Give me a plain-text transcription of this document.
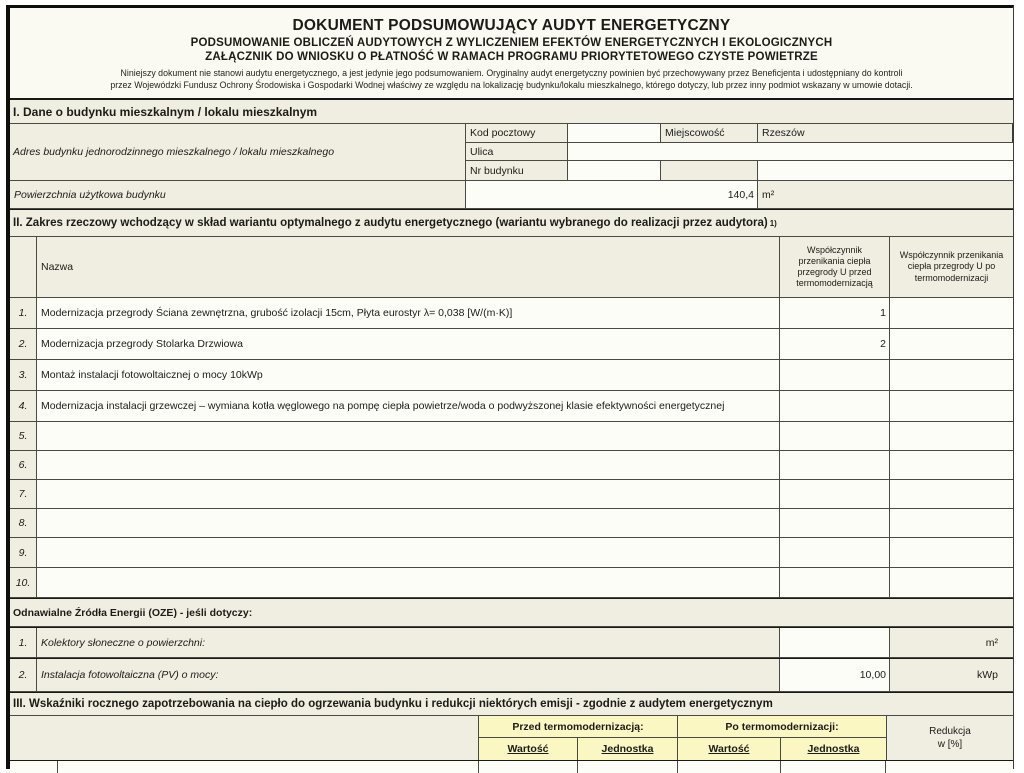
DOKUMENT PODSUMOWUJĄCY AUDYT ENERGETYCZNY
PODSUMOWANIE OBLICZEŃ AUDYTOWYCH Z WYLICZENIEM EFEKTÓW ENERGETYCZNYCH I EKOLOGICZNYCH
ZAŁĄCZNIK DO WNIOSKU O PŁATNOŚĆ W RAMACH PROGRAMU PRIORYTETOWEGO CZYSTE POWIETRZE
Niniejszy dokument nie stanowi audytu energetycznego, a jest jedynie jego podsumowaniem. Oryginalny audyt energetyczny powinien być przechowywany przez Beneficjenta i udostępniany do kontroli
przez Wojewódzki Fundusz Ochrony Środowiska i Gospodarki Wodnej właściwy ze względu na lokalizację budynku/lokalu mieszkalnego, którego dotyczy, lub przez inny podmiot wskazany w umowie dotacji.
I. Dane o budynku mieszkalnym / lokalu mieszkalnym
Adres budynku jednorodzinnego mieszkalnego / lokalu mieszkalnego
Kod pocztowy	Miejscowość	Rzeszów
Ulica
Nr budynku
Powierzchnia użytkowa budynku	140,4 m²
II. Zakres rzeczowy wchodzący w skład wariantu optymalnego z audytu energetycznego (wariantu wybranego do realizacji przez audytora) 1)
Nazwa
Współczynnik przenikania ciepła przegrody U przed termomodernizacją
Współczynnik przenikania ciepła przegrody U po termomodernizacji
1.	Modernizacja przegrody Ściana zewnętrzna, grubość izolacji 15cm, Płyta eurostyr λ= 0,038 [W/(m·K)]	1
2.	Modernizacja przegrody Stolarka Drzwiowa	2
3.	Montaż instalacji fotowoltaicznej o mocy 10kWp
4.	Modernizacja instalacji grzewczej – wymiana kotła węglowego na pompę ciepła powietrze/woda o podwyższonej klasie efektywności energetycznej
5.
6.
7.
8.
9.
10.
Odnawialne Źródła Energii (OZE) - jeśli dotyczy:
1.	Kolektory słoneczne o powierzchni:	m²
2.	Instalacja fotowoltaiczna (PV) o mocy:	10,00	kWp
III. Wskaźniki rocznego zapotrzebowania na ciepło do ogrzewania budynku i redukcji niektórych emisji - zgodnie z audytem energetycznym
Przed termomodernizacją:	Po termomodernizacji:
Wartość	Jednostka	Wartość	Jednostka
Redukcja
w [%]
